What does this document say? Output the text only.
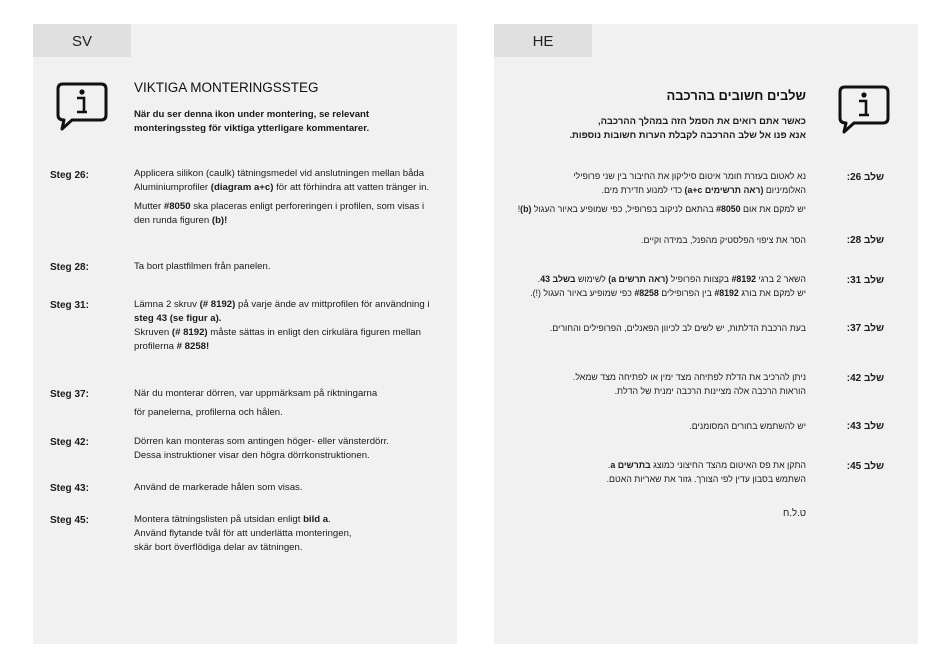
SV
VIKTIGA MONTERINGSSTEG
När du ser denna ikon under montering, se relevant
monteringssteg för viktiga ytterligare kommentarer.
Steg 26:	Applicera silikon (caulk) tätningsmedel vid anslutningen mellan båda
Aluminiumprofiler (diagram a+c) för att förhindra att vatten tränger in.
Mutter #8050 ska placeras enligt perforeringen i profilen, som visas i
den runda figuren (b)!
Steg 28:	Ta bort plastfilmen från panelen.
Steg 31:	Lämna 2 skruv (# 8192) på varje ände av mittprofilen för användning i
steg 43 (se figur a).
Skruven (# 8192) måste sättas in enligt den cirkulära figuren mellan
profilerna # 8258!
Steg 37:	När du monterar dörren, var uppmärksam på riktningarna
för panelerna, profilerna och hålen.
Steg 42:	Dörren kan monteras som antingen höger- eller vänsterdörr.
Dessa instruktioner visar den högra dörrkonstruktionen.
Steg 43:	Använd de markerade hålen som visas.
Steg 45:	Montera tätningslisten på utsidan enligt bild a.
Använd flytande tvål för att underlätta monteringen,
skär bort överflödiga delar av tätningen.
HE
שלבים חשובים בהרכבה
כאשר אתם רואים את הסמל הזה במהלך ההרכבה,
אנא פנו אל שלב ההרכבה לקבלת הערות חשובות נוספות.
שלב 26:
נא לאטום בעזרת חומר איטום סיליקון את החיבור בין שני פרופילי
האלומיניום (ראה תרשימים a+c) כדי למנוע חדירת מים.
יש למקם את אום #8050 בהתאם לניקוב בפרופיל, כפי שמופיע באיור העגול (b)!
שלב 28:
הסר את ציפוי הפלסטיק מהפנל, במידה וקיים.
שלב 31:
השאר 2 ברגי #8192 בקצוות הפרופיל (ראה תרשים a) לשימוש בשלב 43.
יש למקם את בורג #8192 בין הפרופילים #8258 כפי שמופיע באיור העגול (!).
שלב 37:
בעת הרכבת הדלתות, יש לשים לב לכיוון הפאנלים, הפרופילים והחורים.
שלב 42:
ניתן להרכיב את הדלת לפתיחה מצד ימין או לפתיחה מצד שמאל.
הוראות הרכבה אלה מציינות הרכבה ימנית של הדלת.
שלב 43:
יש להשתמש בחורים המסומנים.
שלב 45:
התקן את פס האיטום מהצד החיצוני כמוצג בתרשים a.
השתמש בסבון עדין לפי הצורך. גזור את שאריות האטם.
ט.ל.ח
